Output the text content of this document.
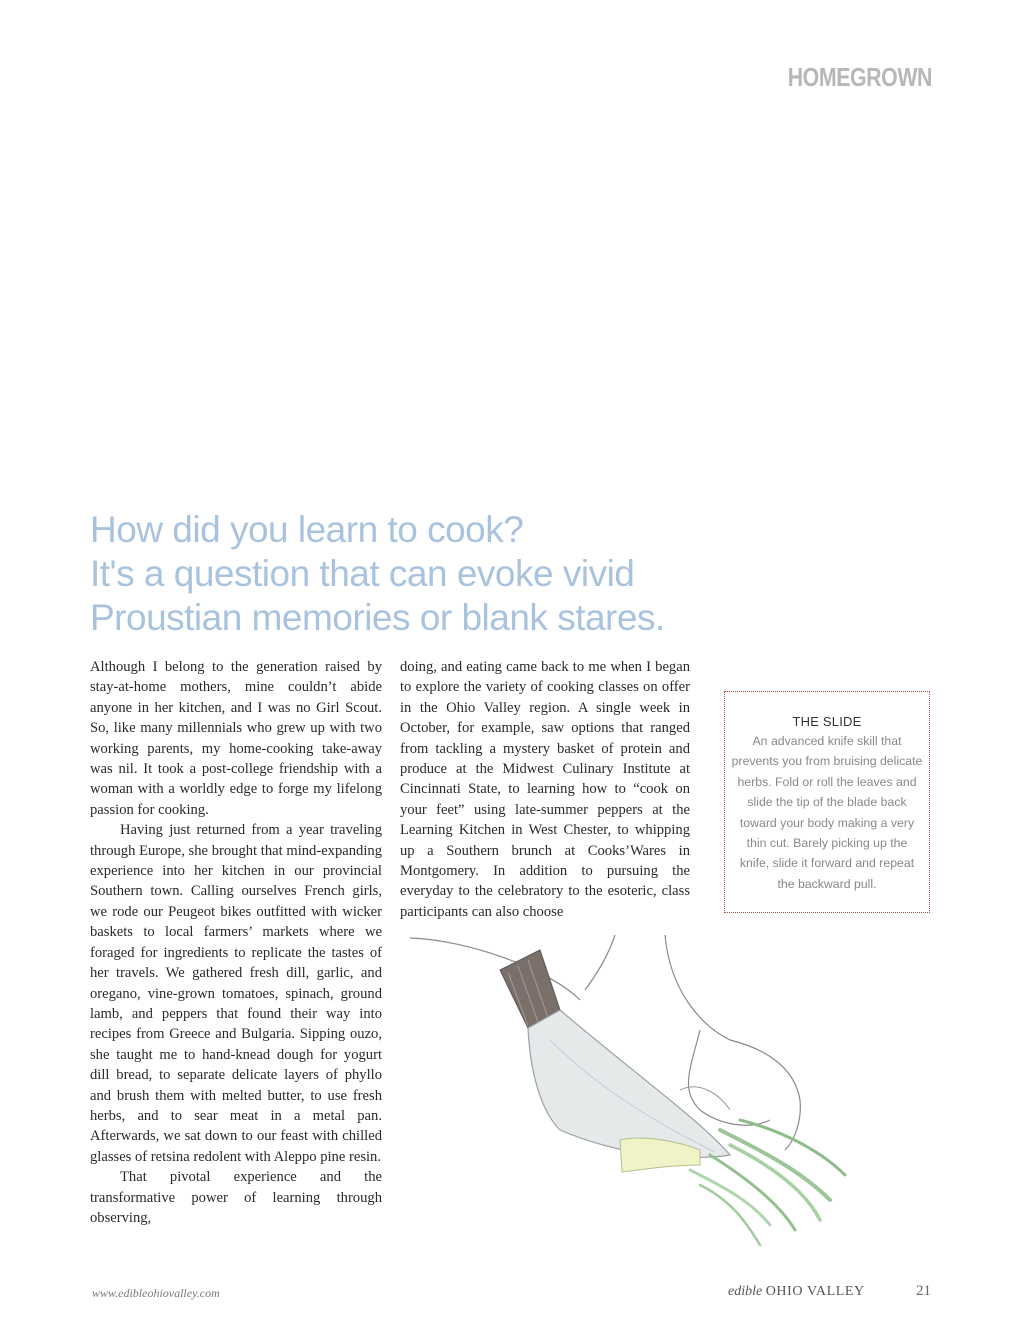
HOMEGROWN
How did you learn to cook?
It's a question that can evoke vivid
Proustian memories or blank stares.

Although I belong to the generation raised by stay-at-home mothers, mine couldn’t abide anyone in her kitchen, and I was no Girl Scout. So, like many millennials who grew up with two working parents, my home-cooking take-away was nil. It took a post-college friendship with a woman with a worldly edge to forge my lifelong passion for cooking.

Having just returned from a year traveling through Europe, she brought that mind-expanding experience into her kitchen in our provincial Southern town. Calling ourselves French girls, we rode our Peugeot bikes outfitted with wicker baskets to local farmers’ markets where we foraged for ingredients to replicate the tastes of her travels. We gathered fresh dill, garlic, and oregano, vine-grown tomatoes, spinach, ground lamb, and peppers that found their way into recipes from Greece and Bulgaria. Sipping ouzo, she taught me to hand-knead dough for yogurt dill bread, to separate delicate layers of phyllo and brush them with melted butter, to use fresh herbs, and to sear meat in a metal pan. Afterwards, we sat down to our feast with chilled glasses of retsina redolent with Aleppo pine resin.

That pivotal experience and the transformative power of learning through observing,

doing, and eating came back to me when I began to explore the variety of cooking classes on offer in the Ohio Valley region. A single week in October, for example, saw options that ranged from tackling a mystery basket of protein and produce at the Midwest Culinary Institute at Cincinnati State, to learning how to “cook on your feet” using late-summer peppers at the Learning Kitchen in West Chester, to whipping up a Southern brunch at Cooks’Wares in Montgomery. In addition to pursuing the everyday to the celebratory to the esoteric, class participants can also choose

THE SLIDE
An advanced knife skill that prevents you from bruising delicate herbs. Fold or roll the leaves and slide the tip of the blade back toward your body making a very thin cut. Barely picking up the knife, slide it forward and repeat the backward pull.
www.edibleohiovalley.com	edible OHIO VALLEY	21
